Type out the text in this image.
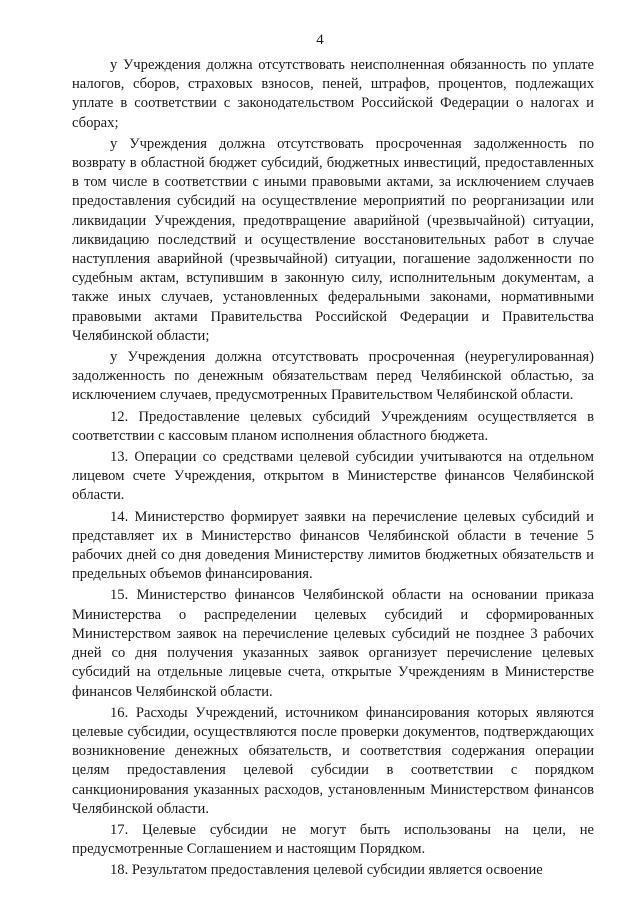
4

у Учреждения должна отсутствовать неисполненная обязанность по уплате налогов, сборов, страховых взносов, пеней, штрафов, процентов, подлежащих уплате в соответствии с законодательством Российской Федерации о налогах и сборах;

у Учреждения должна отсутствовать просроченная задолженность по возврату в областной бюджет субсидий, бюджетных инвестиций, предоставленных в том числе в соответствии с иными правовыми актами, за исключением случаев предоставления субсидий на осуществление мероприятий по реорганизации или ликвидации Учреждения, предотвращение аварийной (чрезвычайной) ситуации, ликвидацию последствий и осуществление восстановительных работ в случае наступления аварийной (чрезвычайной) ситуации, погашение задолженности по судебным актам, вступившим в законную силу, исполнительным документам, а также иных случаев, установленных федеральными законами, нормативными правовыми актами Правительства Российской Федерации и Правительства Челябинской области;

у Учреждения должна отсутствовать просроченная (неурегулированная) задолженность по денежным обязательствам перед Челябинской областью, за исключением случаев, предусмотренных Правительством Челябинской области.

12. Предоставление целевых субсидий Учреждениям осуществляется в соответствии с кассовым планом исполнения областного бюджета.

13. Операции со средствами целевой субсидии учитываются на отдельном лицевом счете Учреждения, открытом в Министерстве финансов Челябинской области.

14. Министерство формирует заявки на перечисление целевых субсидий и представляет их в Министерство финансов Челябинской области в течение 5 рабочих дней со дня доведения Министерству лимитов бюджетных обязательств и предельных объемов финансирования.

15. Министерство финансов Челябинской области на основании приказа Министерства о распределении целевых субсидий и сформированных Министерством заявок на перечисление целевых субсидий не позднее 3 рабочих дней со дня получения указанных заявок организует перечисление целевых субсидий на отдельные лицевые счета, открытые Учреждениям в Министерстве финансов Челябинской области.

16. Расходы Учреждений, источником финансирования которых являются целевые субсидии, осуществляются после проверки документов, подтверждающих возникновение денежных обязательств, и соответствия содержания операции целям предоставления целевой субсидии в соответствии с порядком санкционирования указанных расходов, установленным Министерством финансов Челябинской области.

17. Целевые субсидии не могут быть использованы на цели, не предусмотренные Соглашением и настоящим Порядком.

18. Результатом предоставления целевой субсидии является освоение
